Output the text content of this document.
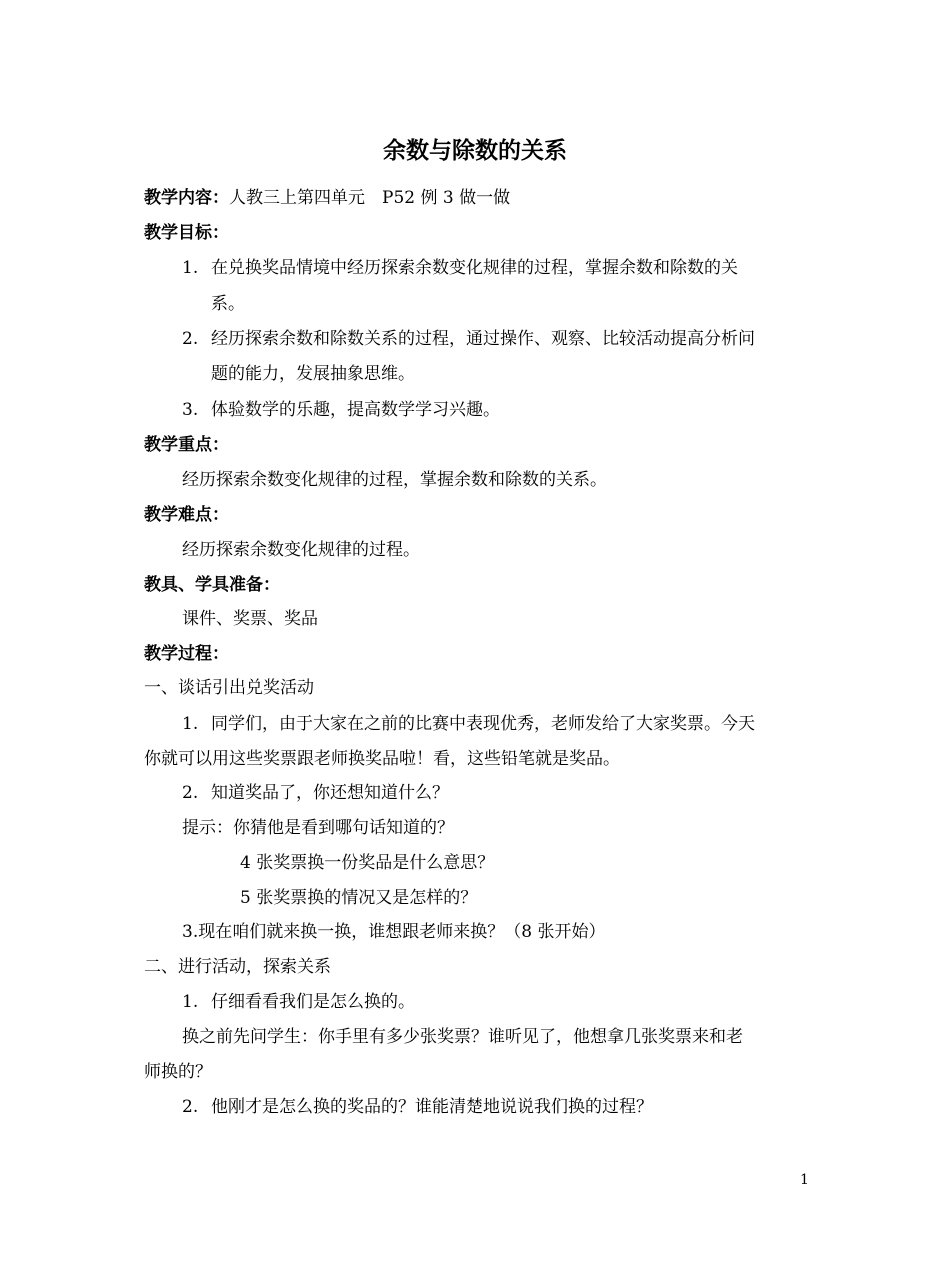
余数与除数的关系
教学内容：人教三上第四单元　P52 例 3 做一做
教学目标：
1. 在兑换奖品情境中经历探索余数变化规律的过程，掌握余数和除数的关
系。
2. 经历探索余数和除数关系的过程，通过操作、观察、比较活动提高分析问
题的能力，发展抽象思维。
3. 体验数学的乐趣，提高数学学习兴趣。
教学重点：
经历探索余数变化规律的过程，掌握余数和除数的关系。
教学难点：
经历探索余数变化规律的过程。
教具、学具准备：
课件、奖票、奖品
教学过程：
一、谈话引出兑奖活动
1. 同学们，由于大家在之前的比赛中表现优秀，老师发给了大家奖票。今天
你就可以用这些奖票跟老师换奖品啦！看，这些铅笔就是奖品。
2. 知道奖品了，你还想知道什么？
提示：你猜他是看到哪句话知道的？
4 张奖票换一份奖品是什么意思？
5 张奖票换的情况又是怎样的？
3.现在咱们就来换一换，谁想跟老师来换？（8 张开始）
二、进行活动，探索关系
1. 仔细看看我们是怎么换的。
换之前先问学生：你手里有多少张奖票？谁听见了，他想拿几张奖票来和老
师换的？
2. 他刚才是怎么换的奖品的？谁能清楚地说说我们换的过程？
1
